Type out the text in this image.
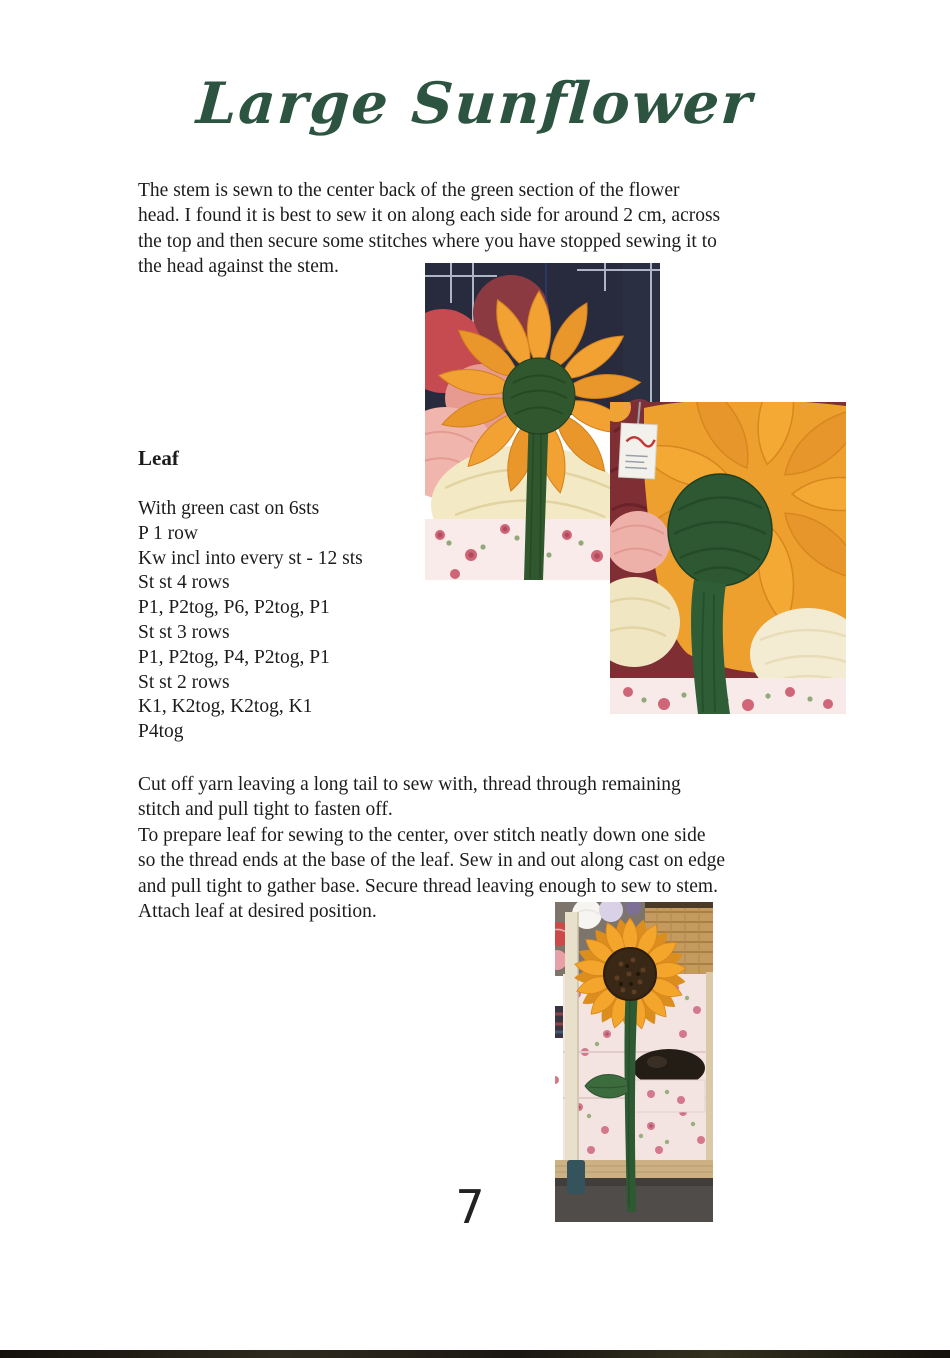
Large Sunflower
The stem is sewn to the center back of the green section of the flower
head. I found it is best to sew it on along each side for around 2 cm, across
the top and then secure some stitches where you have stopped sewing it to
the head against the stem.
Leaf
With green cast on 6sts
P 1 row
Kw incl into every st - 12 sts
St st 4 rows
P1, P2tog, P6, P2tog, P1
St st 3 rows
P1, P2tog, P4, P2tog, P1
St st 2 rows
K1, K2tog, K2tog, K1
P4tog
Cut off yarn leaving a long tail to sew with, thread through remaining
stitch and pull tight to fasten off.
To prepare leaf for sewing to the center, over stitch neatly down one side
so the thread ends at the base of the leaf. Sew in and out along cast on edge
and pull tight to gather base. Secure thread leaving enough to sew to stem.
Attach leaf at desired position.
7
